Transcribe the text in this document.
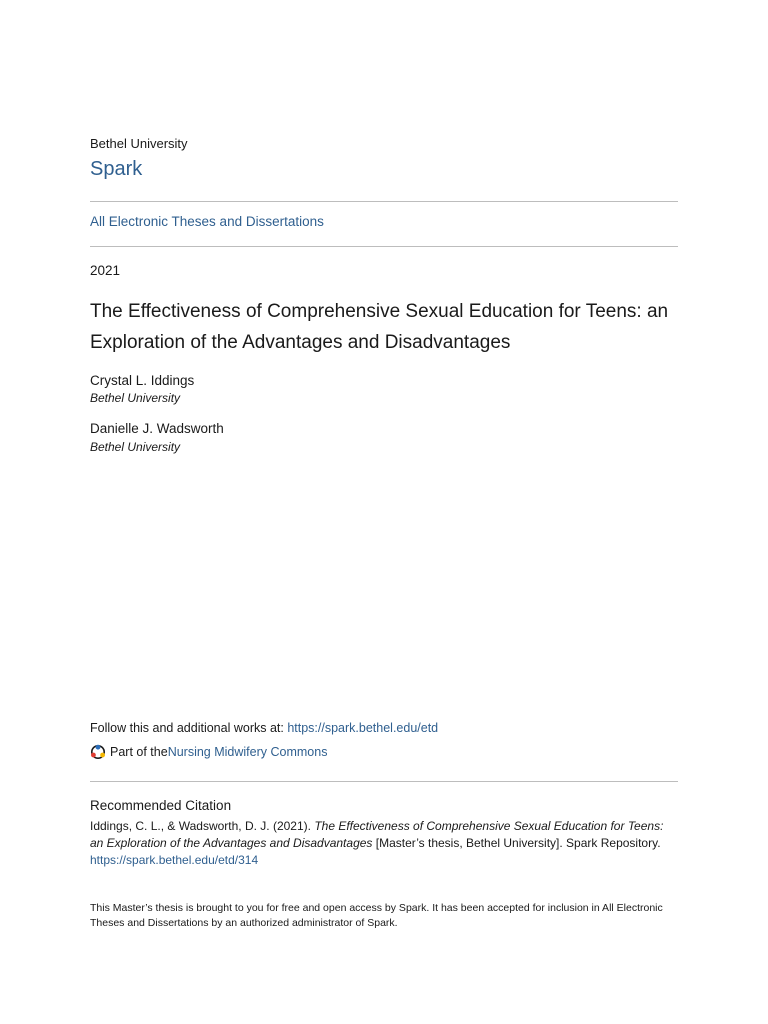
Bethel University
Spark
All Electronic Theses and Dissertations
2021
The Effectiveness of Comprehensive Sexual Education for Teens: an Exploration of the Advantages and Disadvantages
Crystal L. Iddings
Bethel University
Danielle J. Wadsworth
Bethel University
Follow this and additional works at: https://spark.bethel.edu/etd
Part of the Nursing Midwifery Commons
Recommended Citation
Iddings, C. L., & Wadsworth, D. J. (2021). The Effectiveness of Comprehensive Sexual Education for Teens: an Exploration of the Advantages and Disadvantages [Master’s thesis, Bethel University]. Spark Repository. https://spark.bethel.edu/etd/314
This Master’s thesis is brought to you for free and open access by Spark. It has been accepted for inclusion in All Electronic Theses and Dissertations by an authorized administrator of Spark.
